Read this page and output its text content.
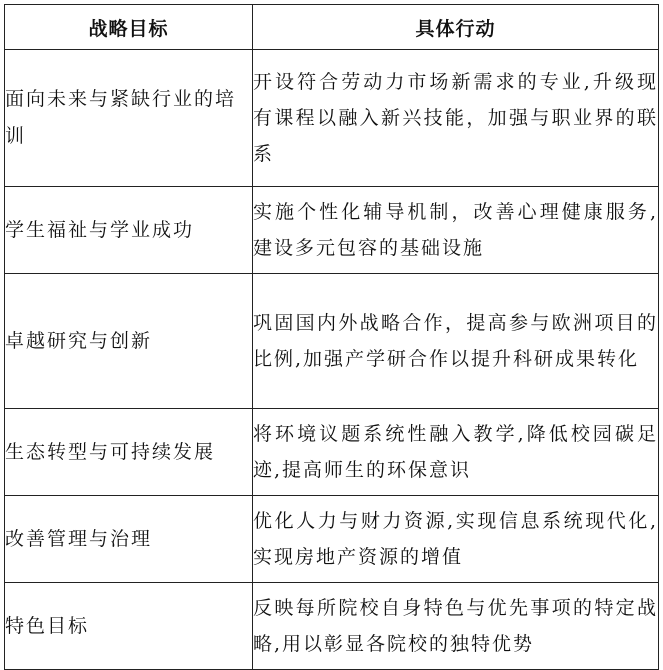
战略目标	具体行动
面向未来与紧缺行业的培训	开设符合劳动力市场新需求的专业,升级现有课程以融入新兴技能，加强与职业界的联系
学生福祉与学业成功	实施个性化辅导机制，改善心理健康服务,建设多元包容的基础设施
卓越研究与创新	巩固国内外战略合作，提高参与欧洲项目的比例,加强产学研合作以提升科研成果转化
生态转型与可持续发展	将环境议题系统性融入教学,降低校园碳足迹,提高师生的环保意识
改善管理与治理	优化人力与财力资源,实现信息系统现代化,实现房地产资源的增值
特色目标	反映每所院校自身特色与优先事项的特定战略,用以彰显各院校的独特优势
